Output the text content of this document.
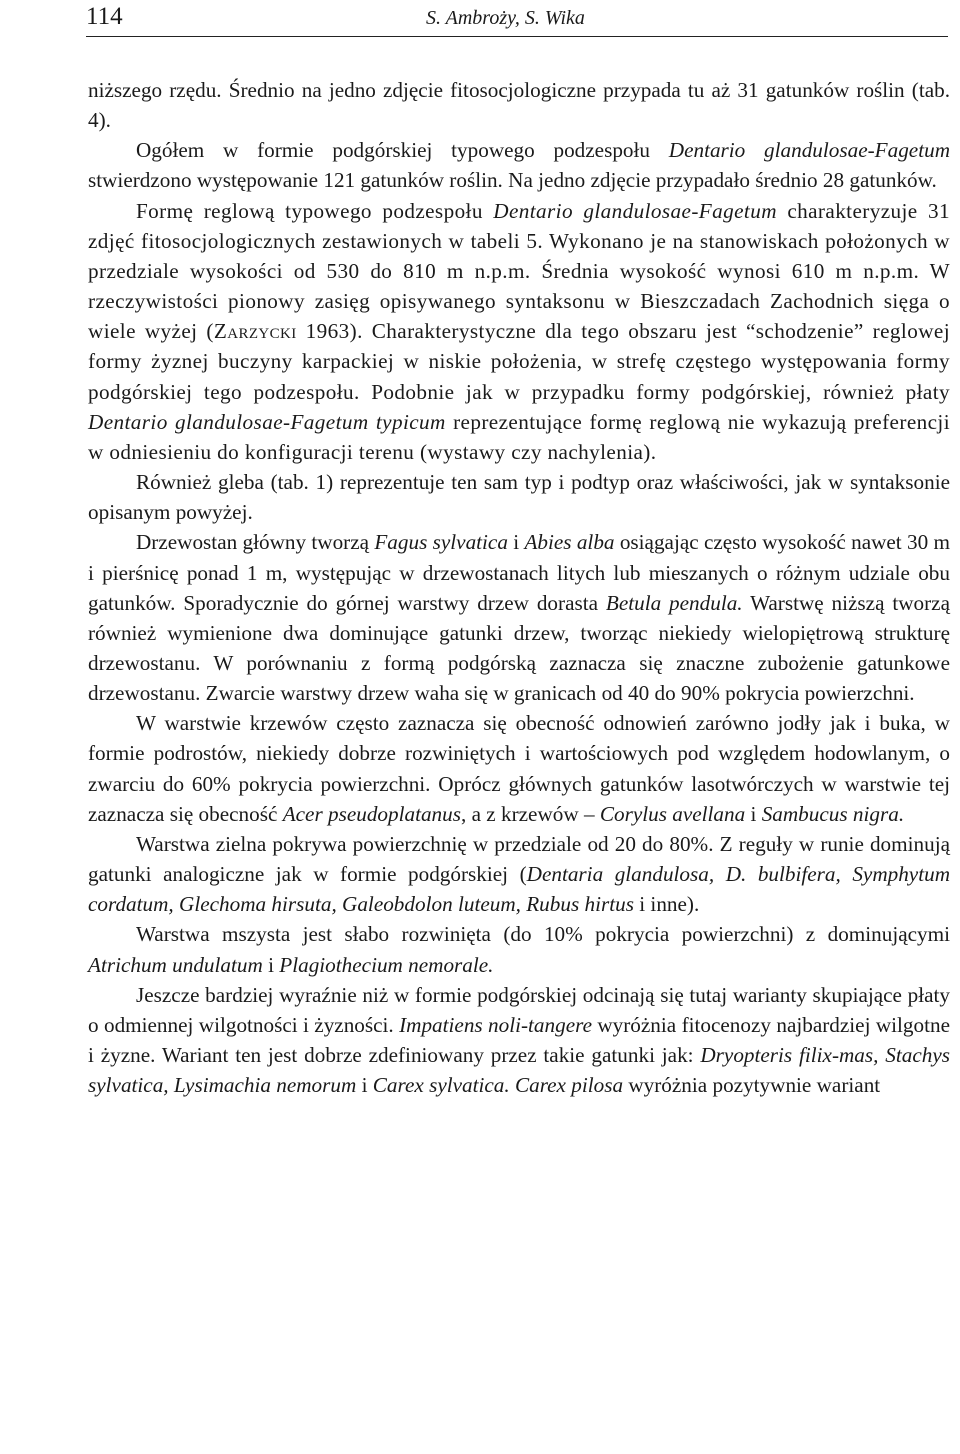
114	S. Ambroży, S. Wika

niższego rzędu. Średnio na jedno zdjęcie fitosocjologiczne przypada tu aż 31 gatunków roślin (tab. 4).

Ogółem w formie podgórskiej typowego podzespołu Dentario glandulosae-Fagetum stwierdzono występowanie 121 gatunków roślin. Na jedno zdjęcie przypadało średnio 28 gatunków.

Formę reglową typowego podzespołu Dentario glandulosae-Fagetum charakteryzuje 31 zdjęć fitosocjologicznych zestawionych w tabeli 5. Wykonano je na stanowiskach położonych w przedziale wysokości od 530 do 810 m n.p.m. Średnia wysokość wynosi 610 m n.p.m. W rzeczywistości pionowy zasięg opisywanego syntaksonu w Bieszczadach Zachodnich sięga o wiele wyżej (Zarzycki 1963). Charakterystyczne dla tego obszaru jest “schodzenie” reglowej formy żyznej buczyny karpackiej w niskie położenia, w strefę częstego występowania formy podgórskiej tego podzespołu. Podobnie jak w przypadku formy podgórskiej, również płaty Dentario glandulosae-Fagetum typicum reprezentujące formę reglową nie wykazują preferencji w odniesieniu do konfiguracji terenu (wystawy czy nachylenia).

Również gleba (tab. 1) reprezentuje ten sam typ i podtyp oraz właściwości, jak w syntaksonie opisanym powyżej.

Drzewostan główny tworzą Fagus sylvatica i Abies alba osiągając często wysokość nawet 30 m i pierśnicę ponad 1 m, występując w drzewostanach litych lub mieszanych o różnym udziale obu gatunków. Sporadycznie do górnej warstwy drzew dorasta Betula pendula. Warstwę niższą tworzą również wymienione dwa dominujące gatunki drzew, tworząc niekiedy wielopiętrową strukturę drzewostanu. W porównaniu z formą podgórską zaznacza się znaczne zubożenie gatunkowe drzewostanu. Zwarcie warstwy drzew waha się w granicach od 40 do 90% pokrycia powierzchni.

W warstwie krzewów często zaznacza się obecność odnowień zarówno jodły jak i buka, w formie podrostów, niekiedy dobrze rozwiniętych i wartościowych pod względem hodowlanym, o zwarciu do 60% pokrycia powierzchni. Oprócz głównych gatunków lasotwórczych w warstwie tej zaznacza się obecność Acer pseudoplatanus, a z krzewów – Corylus avellana i Sambucus nigra.

Warstwa zielna pokrywa powierzchnię w przedziale od 20 do 80%. Z reguły w runie dominują gatunki analogiczne jak w formie podgórskiej (Dentaria glandulosa, D. bulbifera, Symphytum cordatum, Glechoma hirsuta, Galeobdolon luteum, Rubus hirtus i inne).

Warstwa mszysta jest słabo rozwinięta (do 10% pokrycia powierzchni) z dominującymi Atrichum undulatum i Plagiothecium nemorale.

Jeszcze bardziej wyraźnie niż w formie podgórskiej odcinają się tutaj warianty skupiające płaty o odmiennej wilgotności i żyzności. Impatiens noli-tangere wyróżnia fitocenozy najbardziej wilgotne i żyzne. Wariant ten jest dobrze zdefiniowany przez takie gatunki jak: Dryopteris filix-mas, Stachys sylvatica, Lysimachia nemorum i Carex sylvatica. Carex pilosa wyróżnia pozytywnie wariant
